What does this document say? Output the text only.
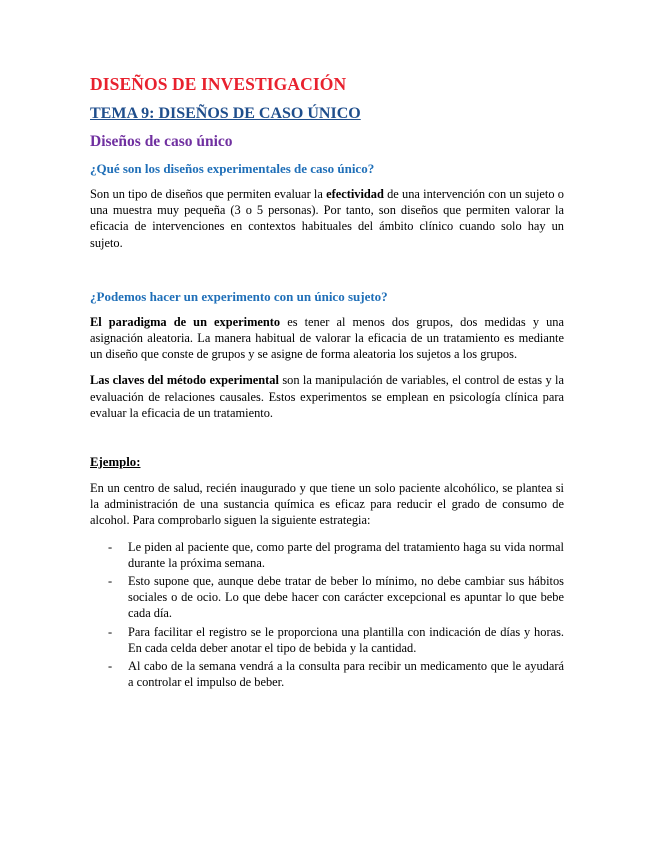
DISEÑOS DE INVESTIGACIÓN
TEMA 9: DISEÑOS DE CASO ÚNICO
Diseños de caso único
¿Qué son los diseños experimentales de caso único?

Son un tipo de diseños que permiten evaluar la efectividad de una intervención con un sujeto o una muestra muy pequeña (3 o 5 personas). Por tanto, son diseños que permiten valorar la eficacia de intervenciones en contextos habituales del ámbito clínico cuando solo hay un sujeto.

¿Podemos hacer un experimento con un único sujeto?

El paradigma de un experimento es tener al menos dos grupos, dos medidas y una asignación aleatoria. La manera habitual de valorar la eficacia de un tratamiento es mediante un diseño que conste de grupos y se asigne de forma aleatoria los sujetos a los grupos.

Las claves del método experimental son la manipulación de variables, el control de estas y la evaluación de relaciones causales. Estos experimentos se emplean en psicología clínica para evaluar la eficacia de un tratamiento.

Ejemplo:

En un centro de salud, recién inaugurado y que tiene un solo paciente alcohólico, se plantea si la administración de una sustancia química es eficaz para reducir el grado de consumo de alcohol. Para comprobarlo siguen la siguiente estrategia:

- Le piden al paciente que, como parte del programa del tratamiento haga su vida normal durante la próxima semana.
- Esto supone que, aunque debe tratar de beber lo mínimo, no debe cambiar sus hábitos sociales o de ocio. Lo que debe hacer con carácter excepcional es apuntar lo que bebe cada día.
- Para facilitar el registro se le proporciona una plantilla con indicación de días y horas. En cada celda deber anotar el tipo de bebida y la cantidad.
- Al cabo de la semana vendrá a la consulta para recibir un medicamento que le ayudará a controlar el impulso de beber.
